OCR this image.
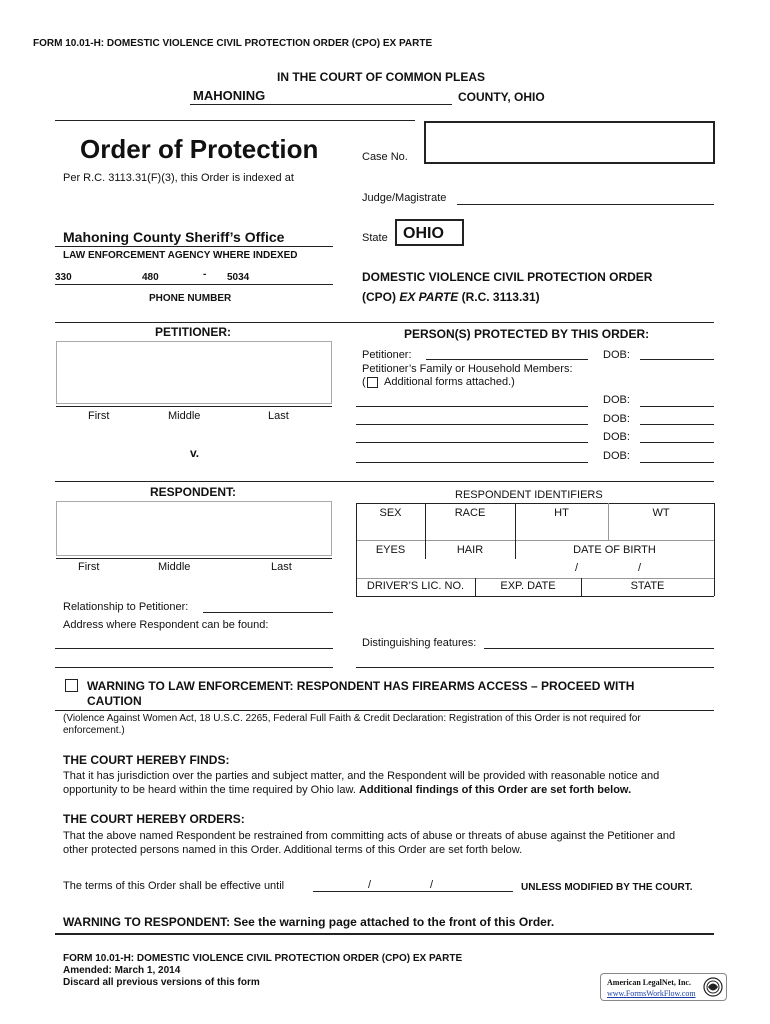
FORM 10.01-H: DOMESTIC VIOLENCE CIVIL PROTECTION ORDER (CPO) EX PARTE
IN THE COURT OF COMMON PLEAS
MAHONING	COUNTY, OHIO
Order of Protection
Per R.C. 3113.31(F)(3), this Order is indexed at
Case No.
Judge/Magistrate
Mahoning County Sheriff’s Office
LAW ENFORCEMENT AGENCY WHERE INDEXED
State OHIO
330	480	- 5034
PHONE NUMBER
DOMESTIC VIOLENCE CIVIL PROTECTION ORDER
(CPO) EX PARTE (R.C. 3113.31)
PETITIONER:
First	Middle	Last
v.
PERSON(S) PROTECTED BY THIS ORDER:
Petitioner:	DOB:
Petitioner’s Family or Household Members:
( Additional forms attached.)
DOB:
DOB:
DOB:
DOB:
RESPONDENT:
First	Middle	Last
Relationship to Petitioner:
Address where Respondent can be found:
RESPONDENT IDENTIFIERS
SEX	RACE	HT	WT
EYES	HAIR	DATE OF BIRTH
/	/
DRIVER’S LIC. NO.	EXP. DATE	STATE
Distinguishing features:
WARNING TO LAW ENFORCEMENT: RESPONDENT HAS FIREARMS ACCESS – PROCEED WITH
CAUTION
(Violence Against Women Act, 18 U.S.C. 2265, Federal Full Faith & Credit Declaration: Registration of this Order is not required for enforcement.)
THE COURT HEREBY FINDS:
That it has jurisdiction over the parties and subject matter, and the Respondent will be provided with reasonable notice and opportunity to be heard within the time required by Ohio law. Additional findings of this Order are set forth below.
THE COURT HEREBY ORDERS:
That the above named Respondent be restrained from committing acts of abuse or threats of abuse against the Petitioner and other protected persons named in this Order. Additional terms of this Order are set forth below.
The terms of this Order shall be effective until	/	/	UNLESS MODIFIED BY THE COURT.
WARNING TO RESPONDENT: See the warning page attached to the front of this Order.
FORM 10.01-H: DOMESTIC VIOLENCE CIVIL PROTECTION ORDER (CPO) EX PARTE
Amended: March 1, 2014
Discard all previous versions of this form	American LegalNet, Inc.
www.FormsWorkFlow.com
